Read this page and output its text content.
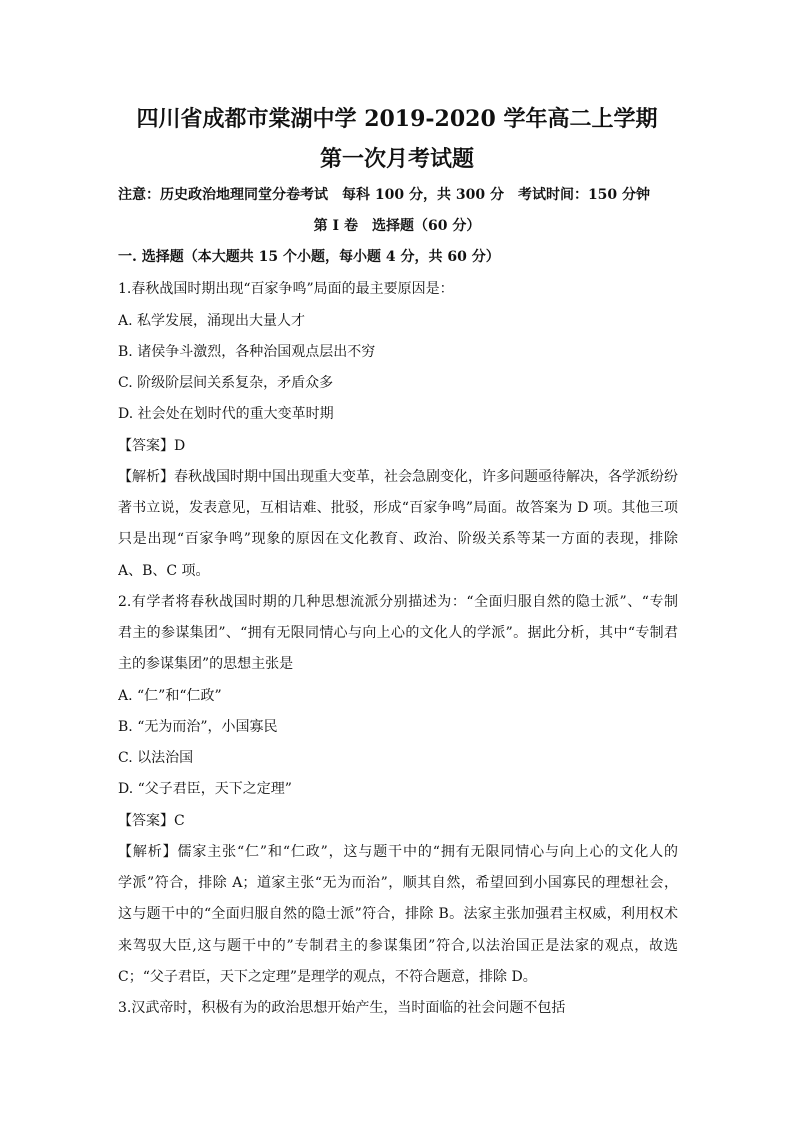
四川省成都市棠湖中学 2019-2020 学年高二上学期
第一次月考试题
注意：历史政治地理同堂分卷考试　每科 100 分，共 300 分　考试时间：150 分钟
第 I 卷　选择题（60 分）
一. 选择题（本大题共 15 个小题，每小题 4 分，共 60 分）
1.春秋战国时期出现“百家争鸣”局面的最主要原因是：
A. 私学发展，涌现出大量人才
B. 诸侯争斗激烈，各种治国观点层出不穷
C. 阶级阶层间关系复杂，矛盾众多
D. 社会处在划时代的重大变革时期
【答案】D
【解析】春秋战国时期中国出现重大变革，社会急剧变化，许多问题亟待解决，各学派纷纷
著书立说，发表意见，互相诘难、批驳，形成“百家争鸣”局面。故答案为 D 项。其他三项
只是出现“百家争鸣”现象的原因在文化教育、政治、阶级关系等某一方面的表现，排除
A、B、C 项。
2.有学者将春秋战国时期的几种思想流派分别描述为：“全面归服自然的隐士派”、“专制
君主的参谋集团”、“拥有无限同情心与向上心的文化人的学派”。据此分析，其中“专制君
主的参谋集团”的思想主张是
A. “仁”和“仁政”
B. “无为而治”，小国寡民
C. 以法治国
D. “父子君臣，天下之定理”
【答案】C
【解析】儒家主张“仁”和“仁政”，这与题干中的“拥有无限同情心与向上心的文化人的
学派”符合，排除 A；道家主张“无为而治”，顺其自然，希望回到小国寡民的理想社会，
这与题干中的“全面归服自然的隐士派”符合，排除 B。法家主张加强君主权威，利用权术
来驾驭大臣,这与题干中的”专制君主的参谋集团”符合,以法治国正是法家的观点，故选
C；“父子君臣，天下之定理”是理学的观点，不符合题意，排除 D。
3.汉武帝时，积极有为的政治思想开始产生，当时面临的社会问题不包括
